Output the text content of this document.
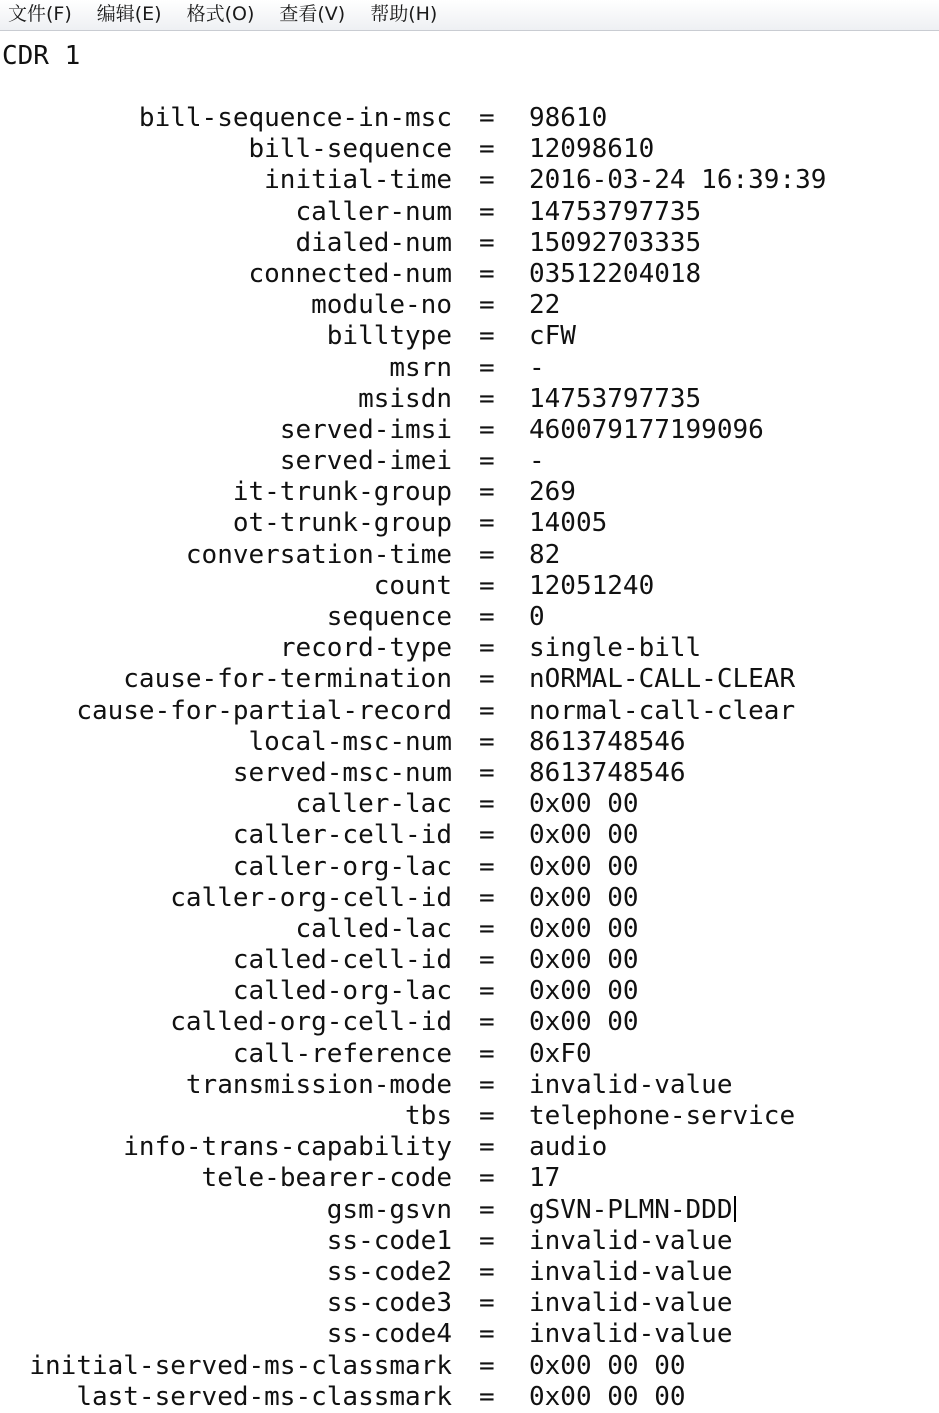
文件(F)	编辑(E)	格式(O)	查看(V)	帮助(H)
CDR 1
bill-sequence-in-msc = 98610
bill-sequence = 12098610
initial-time = 2016-03-24 16:39:39
caller-num = 14753797735
dialed-num = 15092703335
connected-num = 03512204018
module-no = 22
billtype = cFW
msrn = -
msisdn = 14753797735
served-imsi = 460079177199096
served-imei = -
it-trunk-group = 269
ot-trunk-group = 14005
conversation-time = 82
count = 12051240
sequence = 0
record-type = single-bill
cause-for-termination = nORMAL-CALL-CLEAR
cause-for-partial-record = normal-call-clear
local-msc-num = 8613748546
served-msc-num = 8613748546
caller-lac = 0x00 00
caller-cell-id = 0x00 00
caller-org-lac = 0x00 00
caller-org-cell-id = 0x00 00
called-lac = 0x00 00
called-cell-id = 0x00 00
called-org-lac = 0x00 00
called-org-cell-id = 0x00 00
call-reference = 0xF0
transmission-mode = invalid-value
tbs = telephone-service
info-trans-capability = audio
tele-bearer-code = 17
gsm-gsvn = gSVN-PLMN-DDD
ss-code1 = invalid-value
ss-code2 = invalid-value
ss-code3 = invalid-value
ss-code4 = invalid-value
initial-served-ms-classmark = 0x00 00 00
last-served-ms-classmark = 0x00 00 00
